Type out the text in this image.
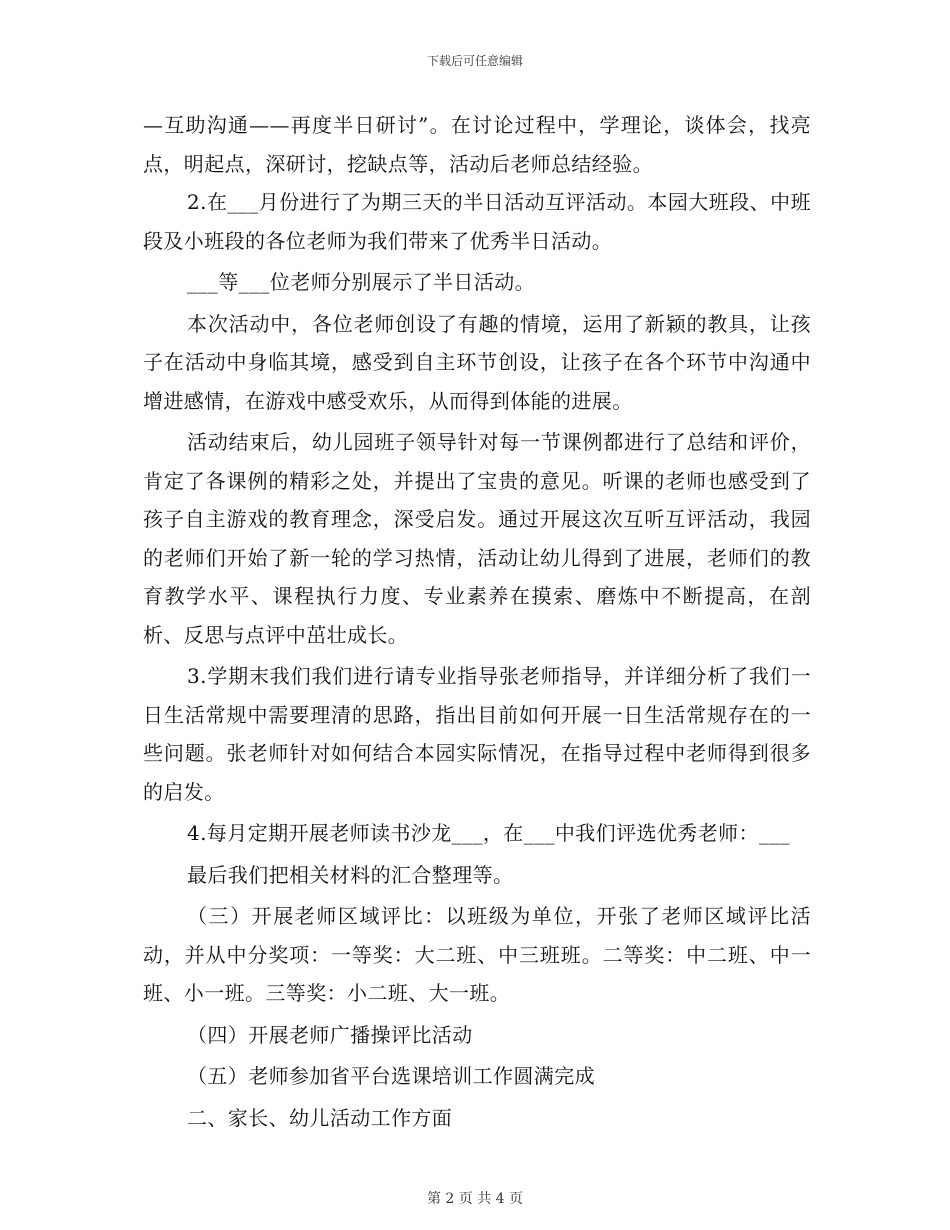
下载后可任意编辑

—互助沟通——再度半日研讨”。在讨论过程中，学理论，谈体会，找亮点，明起点，深研讨，挖缺点等，活动后老师总结经验。

2.在___月份进行了为期三天的半日活动互评活动。本园大班段、中班段及小班段的各位老师为我们带来了优秀半日活动。

___等___位老师分别展示了半日活动。

本次活动中，各位老师创设了有趣的情境，运用了新颖的教具，让孩子在活动中身临其境，感受到自主环节创设，让孩子在各个环节中沟通中增进感情，在游戏中感受欢乐，从而得到体能的进展。

活动结束后，幼儿园班子领导针对每一节课例都进行了总结和评价，肯定了各课例的精彩之处，并提出了宝贵的意见。听课的老师也感受到了孩子自主游戏的教育理念，深受启发。通过开展这次互听互评活动，我园的老师们开始了新一轮的学习热情，活动让幼儿得到了进展，老师们的教育教学水平、课程执行力度、专业素养在摸索、磨炼中不断提高，在剖析、反思与点评中茁壮成长。

3.学期末我们我们进行请专业指导张老师指导，并详细分析了我们一日生活常规中需要理清的思路，指出目前如何开展一日生活常规存在的一些问题。张老师针对如何结合本园实际情况，在指导过程中老师得到很多的启发。

4.每月定期开展老师读书沙龙___，在___中我们评选优秀老师：___

最后我们把相关材料的汇合整理等。

（三）开展老师区域评比：以班级为单位，开张了老师区域评比活动，并从中分奖项：一等奖：大二班、中三班班。二等奖：中二班、中一班、小一班。三等奖：小二班、大一班。

（四）开展老师广播操评比活动

（五）老师参加省平台选课培训工作圆满完成

二、家长、幼儿活动工作方面

第 2 页 共 4 页
